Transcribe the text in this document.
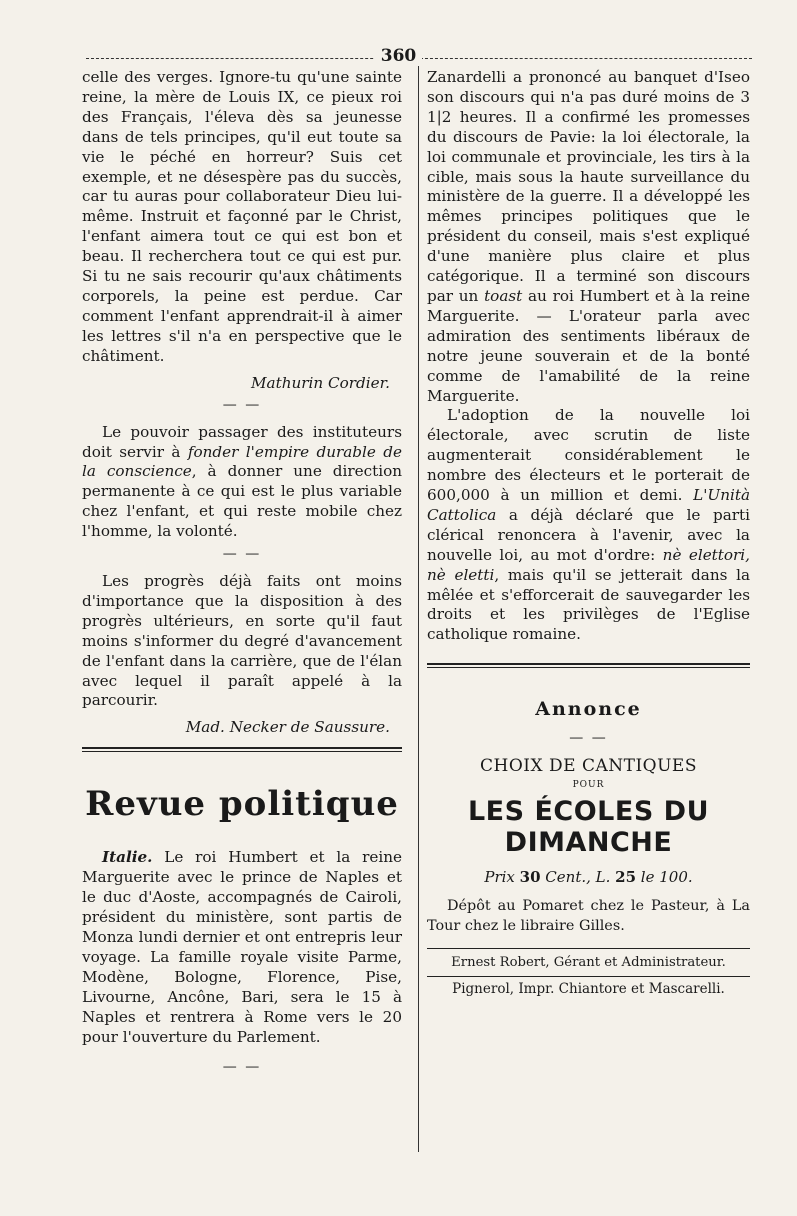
360

celle des verges. Ignore-tu qu'une sainte reine, la mère de Louis IX, ce pieux roi des Français, l'éleva dès sa jeunesse dans de tels principes, qu'il eut toute sa vie le péché en horreur? Suis cet exemple, et ne désespère pas du succès, car tu auras pour collaborateur Dieu lui-même. Instruit et façonné par le Christ, l'enfant aimera tout ce qui est bon et beau. Il recherchera tout ce qui est pur. Si tu ne sais recourir qu'aux châtiments corporels, la peine est perdue. Car comment l'enfant apprendrait-il à aimer les lettres s'il n'a en perspective que le châtiment.

Mathurin Cordier.
— —

Le pouvoir passager des instituteurs doit servir à fonder l'empire durable de la conscience, à donner une direction permanente à ce qui est le plus variable chez l'enfant, et qui reste mobile chez l'homme, la volonté.

— —

Les progrès déjà faits ont moins d'importance que la disposition à des progrès ultérieurs, en sorte qu'il faut moins s'informer du degré d'avancement de l'enfant dans la carrière, que de l'élan avec lequel il paraît appelé à la parcourir.

Mad. Necker de Saussure.
Revue politique

Italie. Le roi Humbert et la reine Marguerite avec le prince de Naples et le duc d'Aoste, accompagnés de Cairoli, président du ministère, sont partis de Monza lundi dernier et ont entrepris leur voyage. La famille royale visite Parme, Modène, Bologne, Florence, Pise, Livourne, Ancône, Bari, sera le 15 à Naples et rentrera à Rome vers le 20 pour l'ouverture du Parlement.

— —

Zanardelli a prononcé au banquet d'Iseo son discours qui n'a pas duré moins de 3 1|2 heures. Il a confirmé les promesses du discours de Pavie: la loi électorale, la loi communale et provinciale, les tirs à la cible, mais sous la haute surveillance du ministère de la guerre. Il a développé les mêmes principes politiques que le président du conseil, mais s'est expliqué d'une manière plus claire et plus catégorique. Il a terminé son discours par un toast au roi Humbert et à la reine Marguerite. — L'orateur parla avec admiration des sentiments libéraux de notre jeune souverain et de la bonté comme de l'amabilité de la reine Marguerite.

L'adoption de la nouvelle loi électorale, avec scrutin de liste augmenterait considérablement le nombre des électeurs et le porterait de 600,000 à un million et demi. L'Unità Cattolica a déjà déclaré que le parti clérical renoncera à l'avenir, avec la nouvelle loi, au mot d'ordre: nè elettori, nè eletti, mais qu'il se jetterait dans la mêlée et s'efforcerait de sauvegarder les droits et les privilèges de l'Eglise catholique romaine.

Annonce
— —
CHOIX DE CANTIQUES
POUR
LES ÉCOLES DU DIMANCHE
Prix 30 Cent., L. 25 le 100.

Dépôt au Pomaret chez le Pasteur, à La Tour chez le libraire Gilles.

Ernest Robert, Gérant et Administrateur.
Pignerol, Impr. Chiantore et Mascarelli.
